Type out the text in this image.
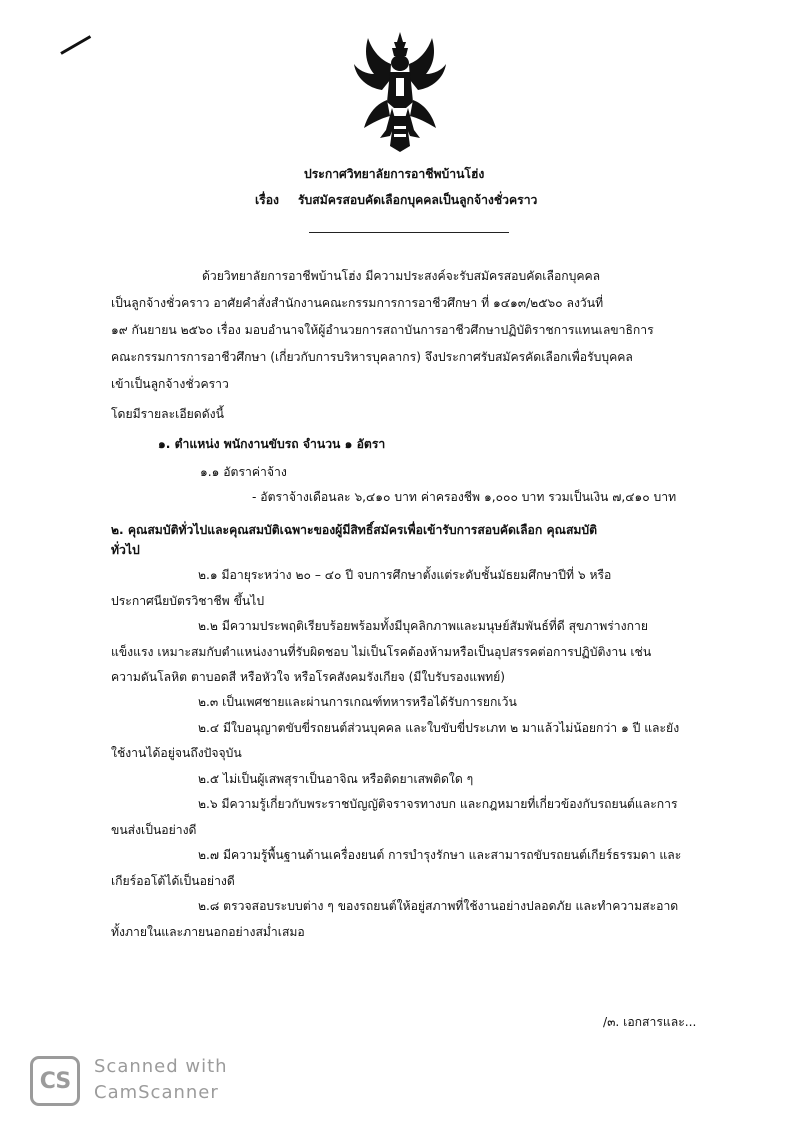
ประกาศวิทยาลัยการอาชีพบ้านโฮ่ง
เรื่อง รับสมัครสอบคัดเลือกบุคคลเป็นลูกจ้างชั่วคราว
ด้วยวิทยาลัยการอาชีพบ้านโฮ่ง มีความประสงค์จะรับสมัครสอบคัดเลือกบุคคล
เป็นลูกจ้างชั่วคราว อาศัยคำสั่งสำนักงานคณะกรรมการการอาชีวศึกษา ที่ ๑๔๑๓/๒๕๖๐ ลงวันที่
๑๙ กันยายน ๒๕๖๐ เรื่อง มอบอำนาจให้ผู้อำนวยการสถาบันการอาชีวศึกษาปฏิบัติราชการแทนเลขาธิการ
คณะกรรมการการอาชีวศึกษา (เกี่ยวกับการบริหารบุคลากร) จึงประกาศรับสมัครคัดเลือกเพื่อรับบุคคล
เข้าเป็นลูกจ้างชั่วคราว
โดยมีรายละเอียดดังนี้
๑. ตำแหน่ง พนักงานขับรถ จำนวน ๑ อัตรา
๑.๑ อัตราค่าจ้าง
- อัตราจ้างเดือนละ ๖,๔๑๐ บาท ค่าครองชีพ ๑,๐๐๐ บาท รวมเป็นเงิน ๗,๔๑๐ บาท
๒. คุณสมบัติทั่วไปและคุณสมบัติเฉพาะของผู้มีสิทธิ์สมัครเพื่อเข้ารับการสอบคัดเลือก คุณสมบัติ
ทั่วไป
๒.๑ มีอายุระหว่าง ๒๐ – ๔๐ ปี จบการศึกษาตั้งแต่ระดับชั้นมัธยมศึกษาปีที่ ๖ หรือ
ประกาศนียบัตรวิชาชีพ ขึ้นไป
๒.๒ มีความประพฤติเรียบร้อยพร้อมทั้งมีบุคลิกภาพและมนุษย์สัมพันธ์ที่ดี สุขภาพร่างกาย
แข็งแรง เหมาะสมกับตำแหน่งงานที่รับผิดชอบ ไม่เป็นโรคต้องห้ามหรือเป็นอุปสรรคต่อการปฏิบัติงาน เช่น
ความดันโลหิต ตาบอดสี หรือหัวใจ หรือโรคสังคมรังเกียจ (มีใบรับรองแพทย์)
๒.๓ เป็นเพศชายและผ่านการเกณฑ์ทหารหรือได้รับการยกเว้น
๒.๔ มีใบอนุญาตขับขี่รถยนต์ส่วนบุคคล และใบขับขี่ประเภท ๒ มาแล้วไม่น้อยกว่า ๑ ปี และยัง
ใช้งานได้อยู่จนถึงปัจจุบัน
๒.๕ ไม่เป็นผู้เสพสุราเป็นอาจิณ หรือติดยาเสพติดใด ๆ
๒.๖ มีความรู้เกี่ยวกับพระราชบัญญัติจราจรทางบก และกฎหมายที่เกี่ยวข้องกับรถยนต์และการ
ขนส่งเป็นอย่างดี
๒.๗ มีความรู้พื้นฐานด้านเครื่องยนต์ การบำรุงรักษา และสามารถขับรถยนต์เกียร์ธรรมดา และ
เกียร์ออโต้ได้เป็นอย่างดี
๒.๘ ตรวจสอบระบบต่าง ๆ ของรถยนต์ให้อยู่สภาพที่ใช้งานอย่างปลอดภัย และทำความสะอาด
ทั้งภายในและภายนอกอย่างสม่ำเสมอ
/๓. เอกสารและ...
CS
Scanned with
CamScanner
